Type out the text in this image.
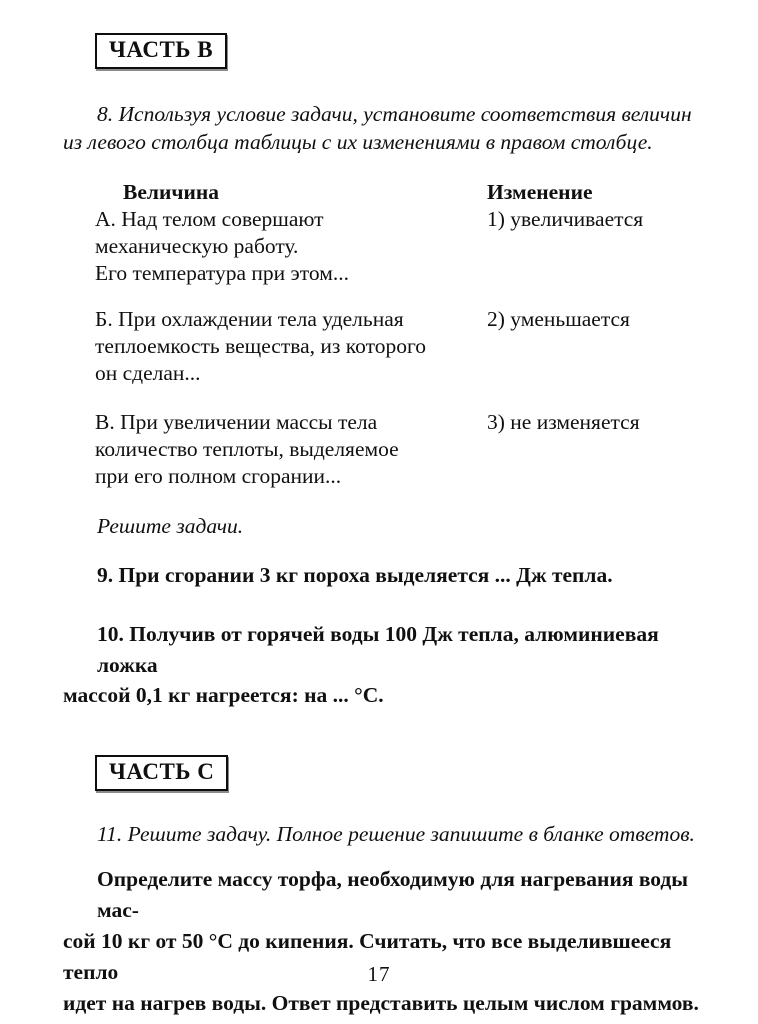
ЧАСТЬ В
8. Используя условие задачи, установите соответствия величин
из левого столбца таблицы с их изменениями в правом столбце.
Величина	Изменение
А. Над телом совершают
механическую работу.
Его температура при этом...
1) увеличивается
Б. При охлаждении тела удельная
теплоемкость вещества, из которого
он сделан...
2) уменьшается
В. При увеличении массы тела
количество теплоты, выделяемое
при его полном сгорании...
3) не изменяется
Решите задачи.
9. При сгорании 3 кг пороха выделяется ... Дж тепла.
10. Получив от горячей воды 100 Дж тепла, алюминиевая ложка
массой 0,1 кг нагреется: на ... °С.
ЧАСТЬ С
11. Решите задачу. Полное решение запишите в бланке ответов.
Определите массу торфа, необходимую для нагревания воды мас-
сой 10 кг от 50 °С до кипения. Считать, что все выделившееся тепло
идет на нагрев воды. Ответ представить целым числом граммов.
17
